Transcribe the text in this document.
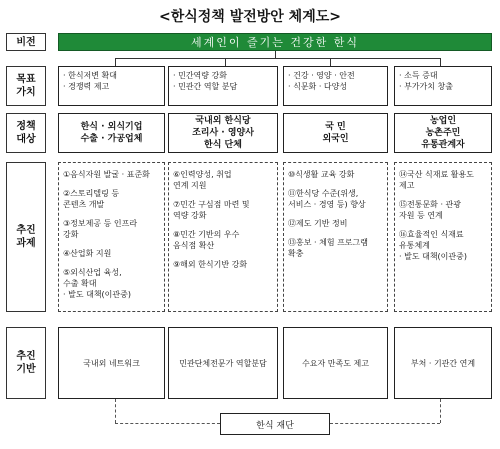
<한식정책 발전방안 체계도>
비전
목표
가치
정책
대상
추진
과제
추진
기반
세계인이 즐기는 건강한 한식
· 한식저변 확대
· 경쟁력 제고
· 민간역량 강화
· 민관간 역할 분담
· 건강 · 영양 · 안전
· 식문화 · 다양성
· 소득 증대
· 부가가치 창출
한식 · 외식기업
수출 · 가공업체
국내외 한식당
조리사 · 영양사
한식 단체
국 민
외국인
농업인
농촌주민
유통관계자
①음식자원 발굴 · 표준화
②스토리텔링 등
콘텐츠 개발
③정보제공 등 인프라
강화
④산업화 지원
⑤외식산업 육성,
수출 확대
· 발도 대책(이관중)
⑥인력양성, 취업
연계 지원
⑦민간 구심점 마련 및
역량 강화
⑧민간 기반의 우수
음식점 확산
⑨해외 한식기반 강화
⑩식생활 교육 강화
⑪한식당 수준(위생,
서비스 · 경영 등) 향상
⑫제도 기반 정비
⑬홍보 · 체험 프로그램
확충
⑭국산 식재료 활용도
제고
⑮전통문화 · 관광
자원 등 연계
⑯효율적인 식재료
유통체계
· 발도 대책(이관중)
국내외 네트워크	민관단체전문가 역할분담	수요자 만족도 제고	부처 · 기관간 연계
한식 재단
